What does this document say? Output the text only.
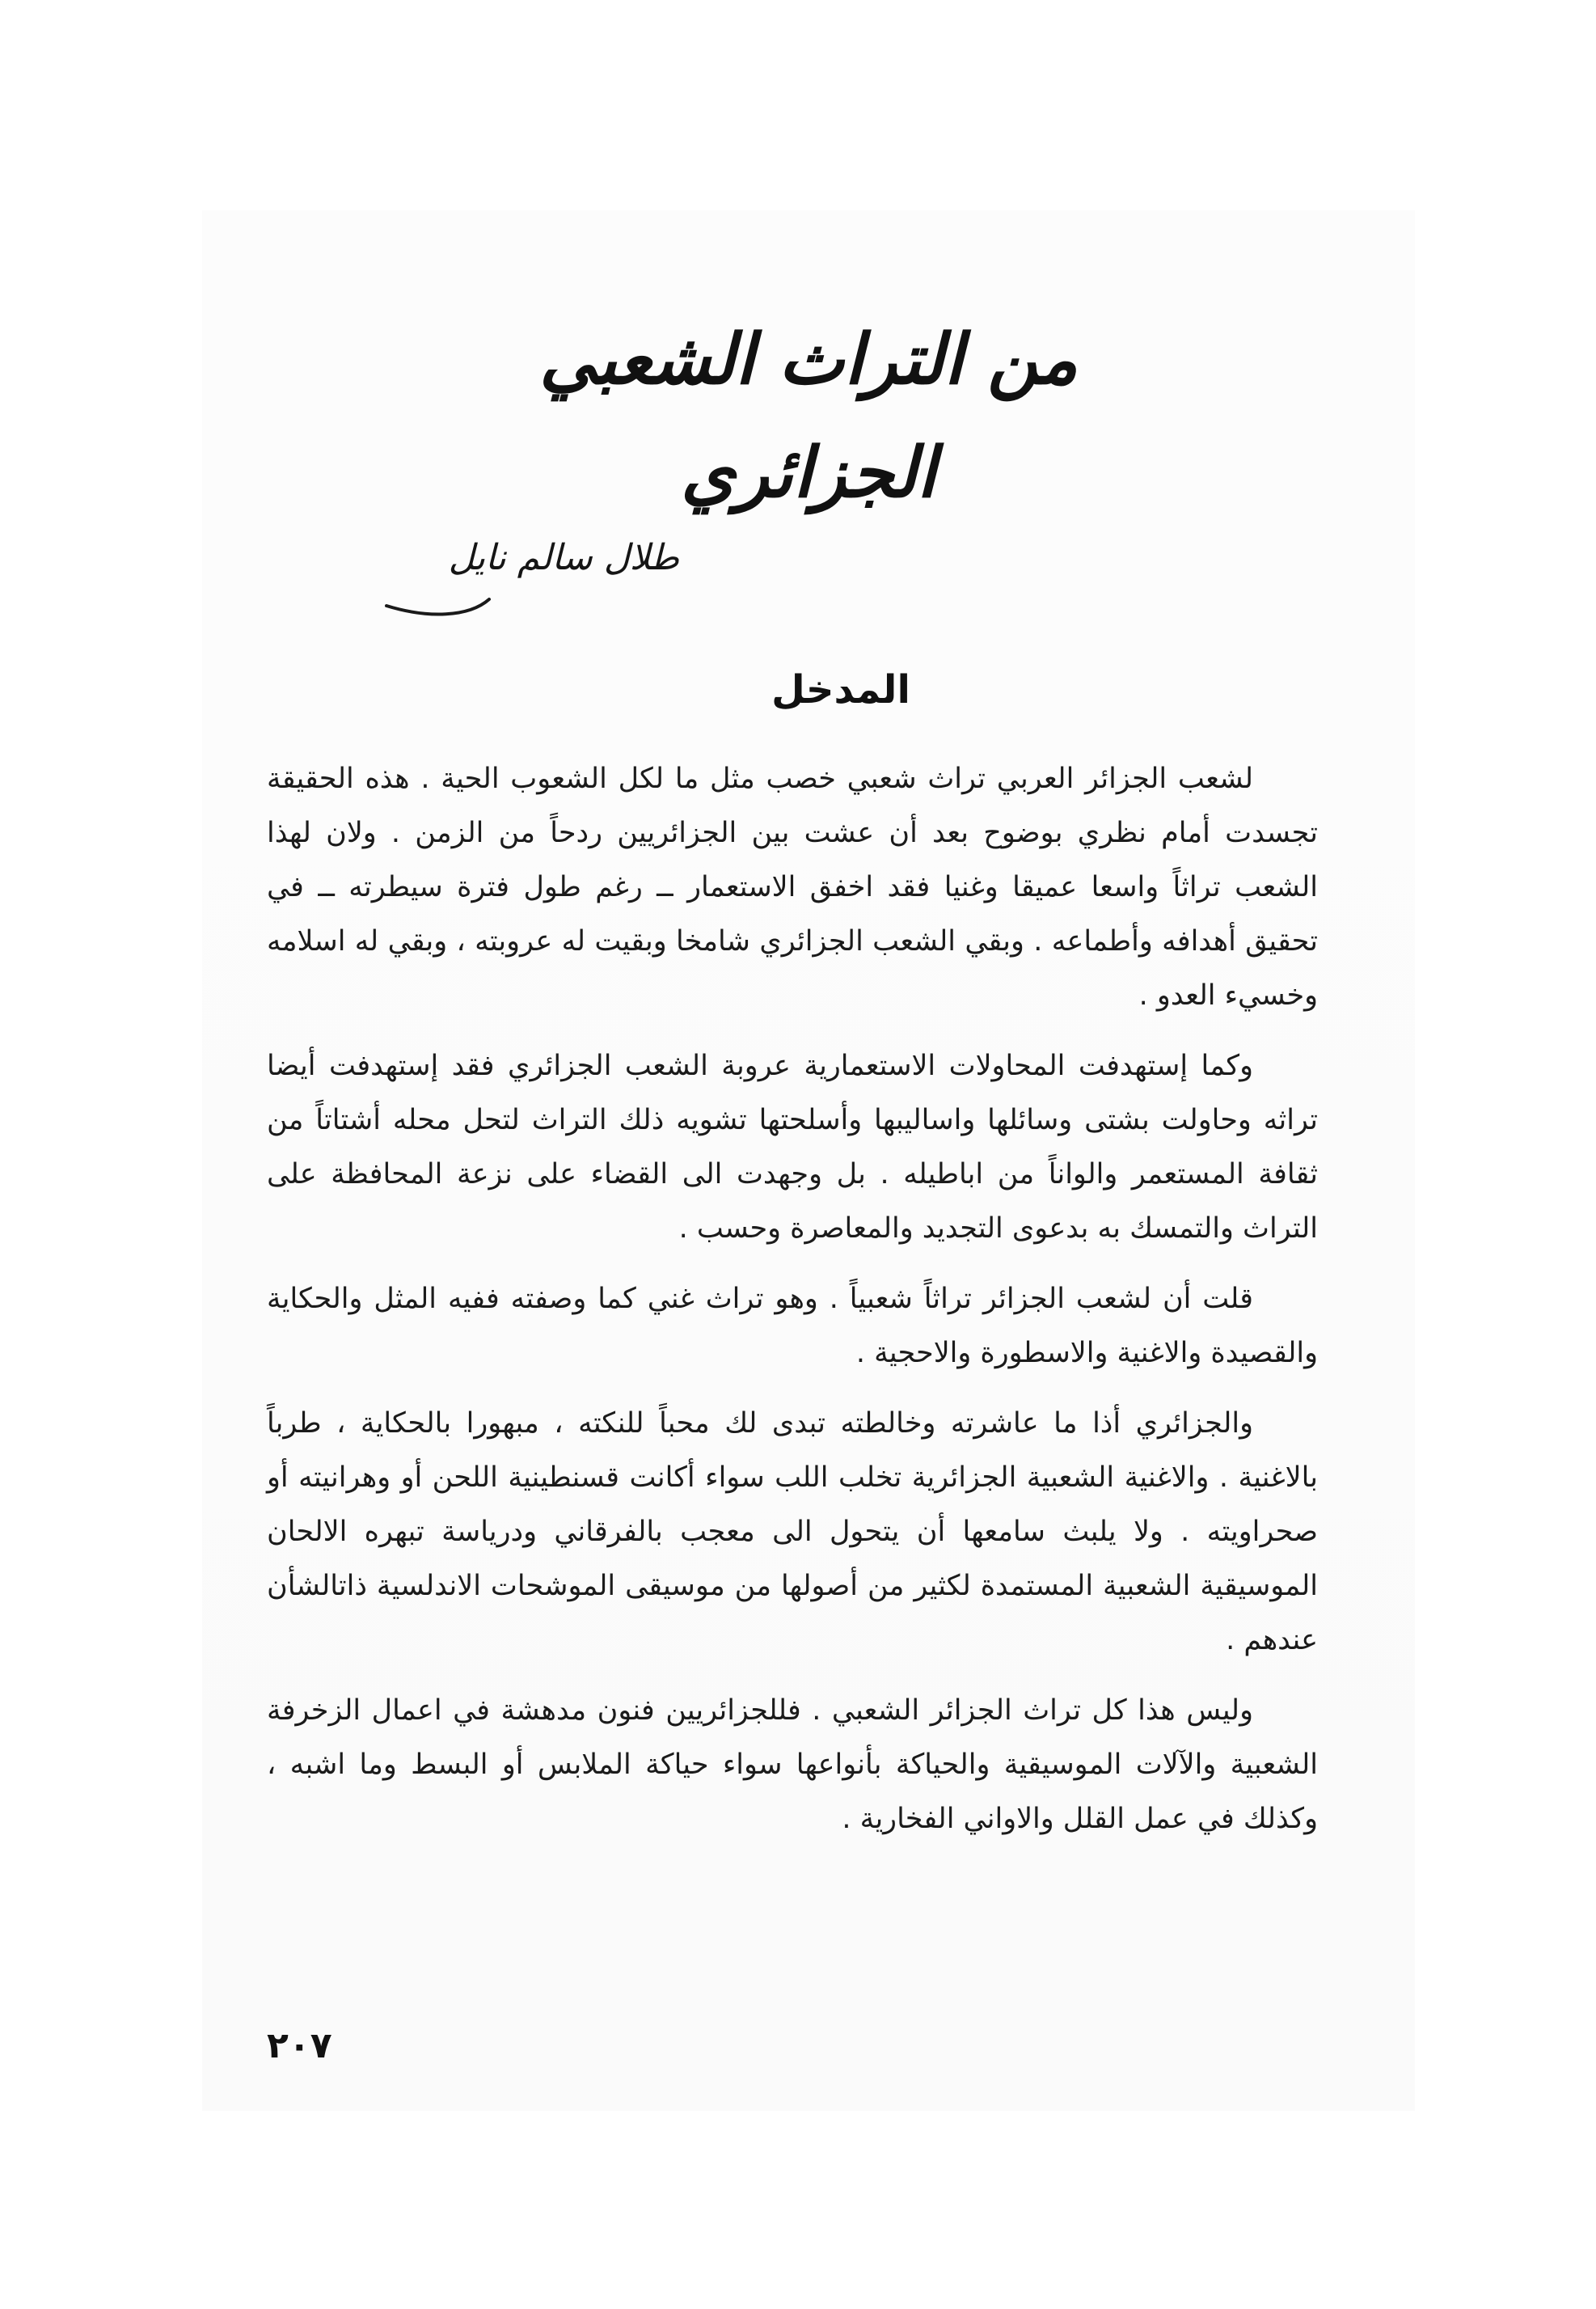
من التراث الشعبي الجزائري
طلال سالم نايل
المدخل

لشعب الجزائر العربي تراث شعبي خصب مثل ما لكل الشعوب الحية . هذه الحقيقة تجسدت أمام نظري بوضوح بعد أن عشت بين الجزائريين ردحاً من الزمن . ولان لهذا الشعب تراثاً واسعا عميقا وغنيا فقد اخفق الاستعمار ــ رغم طول فترة سيطرته ــ في تحقيق أهدافه وأطماعه . وبقي الشعب الجزائري شامخا وبقيت له عروبته ، وبقي له اسلامه وخسيء العدو .

وكما إستهدفت المحاولات الاستعمارية عروبة الشعب الجزائري فقد إستهدفت أيضا تراثه وحاولت بشتى وسائلها واساليبها وأسلحتها تشويه ذلك التراث لتحل محله أشتاتاً من ثقافة المستعمر والواناً من اباطيله . بل وجهدت الى القضاء على نزعة المحافظة على التراث والتمسك به بدعوى التجديد والمعاصرة وحسب .

قلت أن لشعب الجزائر تراثاً شعبياً . وهو تراث غني كما وصفته ففيه المثل والحكاية والقصيدة والاغنية والاسطورة والاحجية .

والجزائري أذا ما عاشرته وخالطته تبدى لك محباً للنكته ، مبهورا بالحكاية ، طرباً بالاغنية . والاغنية الشعبية الجزائرية تخلب اللب سواء أكانت قسنطينية اللحن أو وهرانيته أو صحراويته . ولا يلبث سامعها أن يتحول الى معجب بالفرقاني ودرياسة تبهره الالحان الموسيقية الشعبية المستمدة لكثير من أصولها من موسيقى الموشحات الاندلسية ذاتالشأن عندهم .

وليس هذا كل تراث الجزائر الشعبي . فللجزائريين فنون مدهشة في اعمال الزخرفة الشعبية والآلات الموسيقية والحياكة بأنواعها سواء حياكة الملابس أو البسط وما اشبه ، وكذلك في عمل القلل والاواني الفخارية .

٢٠٧
